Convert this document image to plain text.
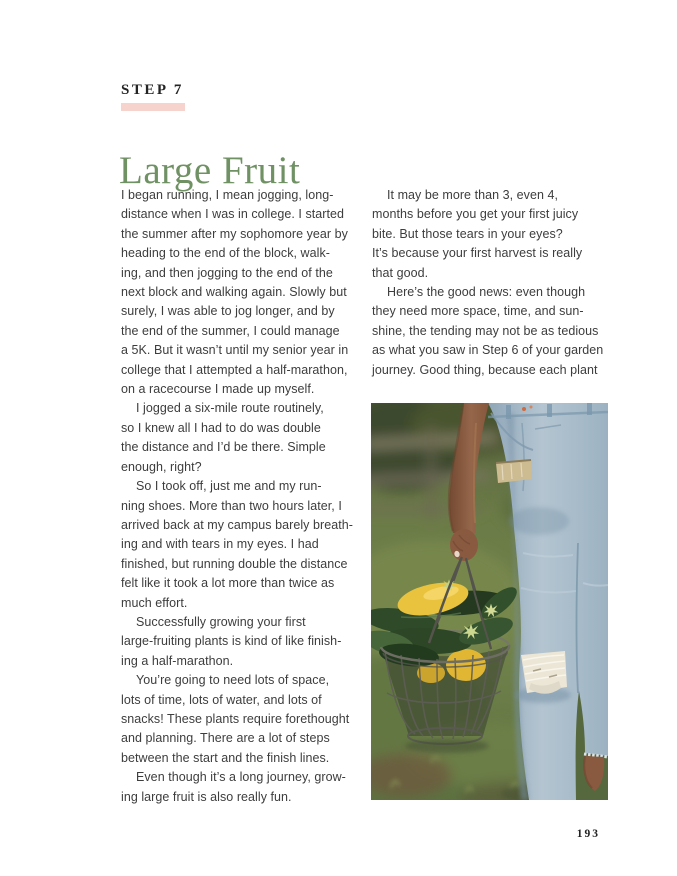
STEP 7
Large Fruit
I began running, I mean jogging, long-
distance when I was in college. I started
the summer after my sophomore year by
heading to the end of the block, walk-
ing, and then jogging to the end of the
next block and walking again. Slowly but
surely, I was able to jog longer, and by
the end of the summer, I could manage
a 5K. But it wasn’t until my senior year in
college that I attempted a half-marathon,
on a racecourse I made up myself.
I jogged a six-mile route routinely,
so I knew all I had to do was double
the distance and I’d be there. Simple
enough, right?
So I took off, just me and my run-
ning shoes. More than two hours later, I
arrived back at my campus barely breath-
ing and with tears in my eyes. I had
finished, but running double the distance
felt like it took a lot more than twice as
much effort.
Successfully growing your first
large-fruiting plants is kind of like finish-
ing a half-marathon.
You’re going to need lots of space,
lots of time, lots of water, and lots of
snacks! These plants require forethought
and planning. There are a lot of steps
between the start and the finish lines.
Even though it’s a long journey, grow-
ing large fruit is also really fun.
It may be more than 3, even 4,
months before you get your first juicy
bite. But those tears in your eyes?
It’s because your first harvest is really
that good.
Here’s the good news: even though
they need more space, time, and sun-
shine, the tending may not be as tedious
as what you saw in Step 6 of your garden
journey. Good thing, because each plant
193
